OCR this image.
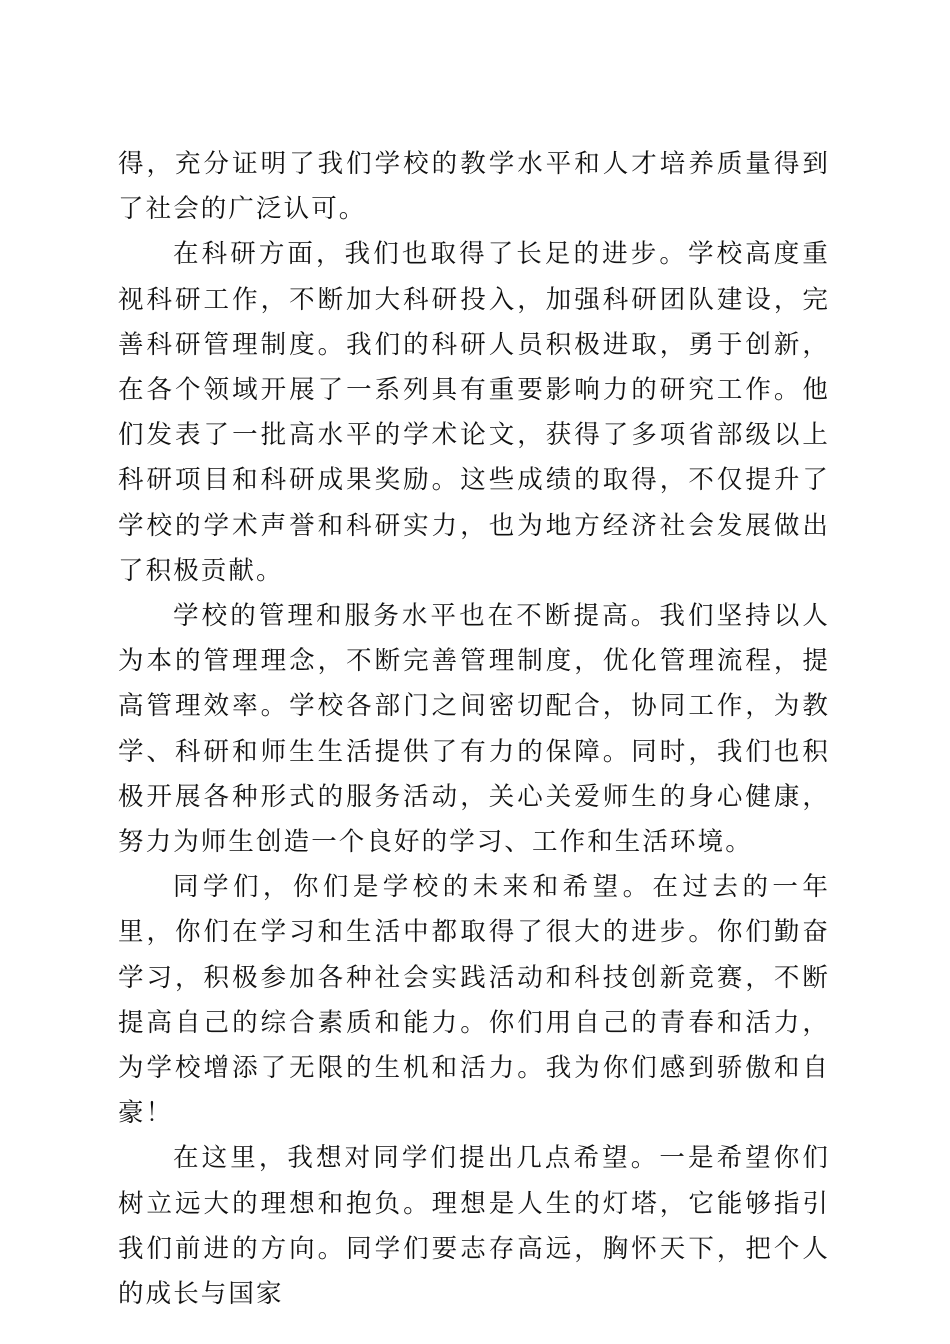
得，充分证明了我们学校的教学水平和人才培养质量得到了社会的广泛认可。

在科研方面，我们也取得了长足的进步。学校高度重视科研工作，不断加大科研投入，加强科研团队建设，完善科研管理制度。我们的科研人员积极进取，勇于创新，在各个领域开展了一系列具有重要影响力的研究工作。他们发表了一批高水平的学术论文，获得了多项省部级以上科研项目和科研成果奖励。这些成绩的取得，不仅提升了学校的学术声誉和科研实力，也为地方经济社会发展做出了积极贡献。

学校的管理和服务水平也在不断提高。我们坚持以人为本的管理理念，不断完善管理制度，优化管理流程，提高管理效率。学校各部门之间密切配合，协同工作，为教学、科研和师生生活提供了有力的保障。同时，我们也积极开展各种形式的服务活动，关心关爱师生的身心健康，努力为师生创造一个良好的学习、工作和生活环境。

同学们，你们是学校的未来和希望。在过去的一年里，你们在学习和生活中都取得了很大的进步。你们勤奋学习，积极参加各种社会实践活动和科技创新竞赛，不断提高自己的综合素质和能力。你们用自己的青春和活力，为学校增添了无限的生机和活力。我为你们感到骄傲和自豪！

在这里，我想对同学们提出几点希望。一是希望你们树立远大的理想和抱负。理想是人生的灯塔，它能够指引我们前进的方向。同学们要志存高远，胸怀天下，把个人的成长与国家
